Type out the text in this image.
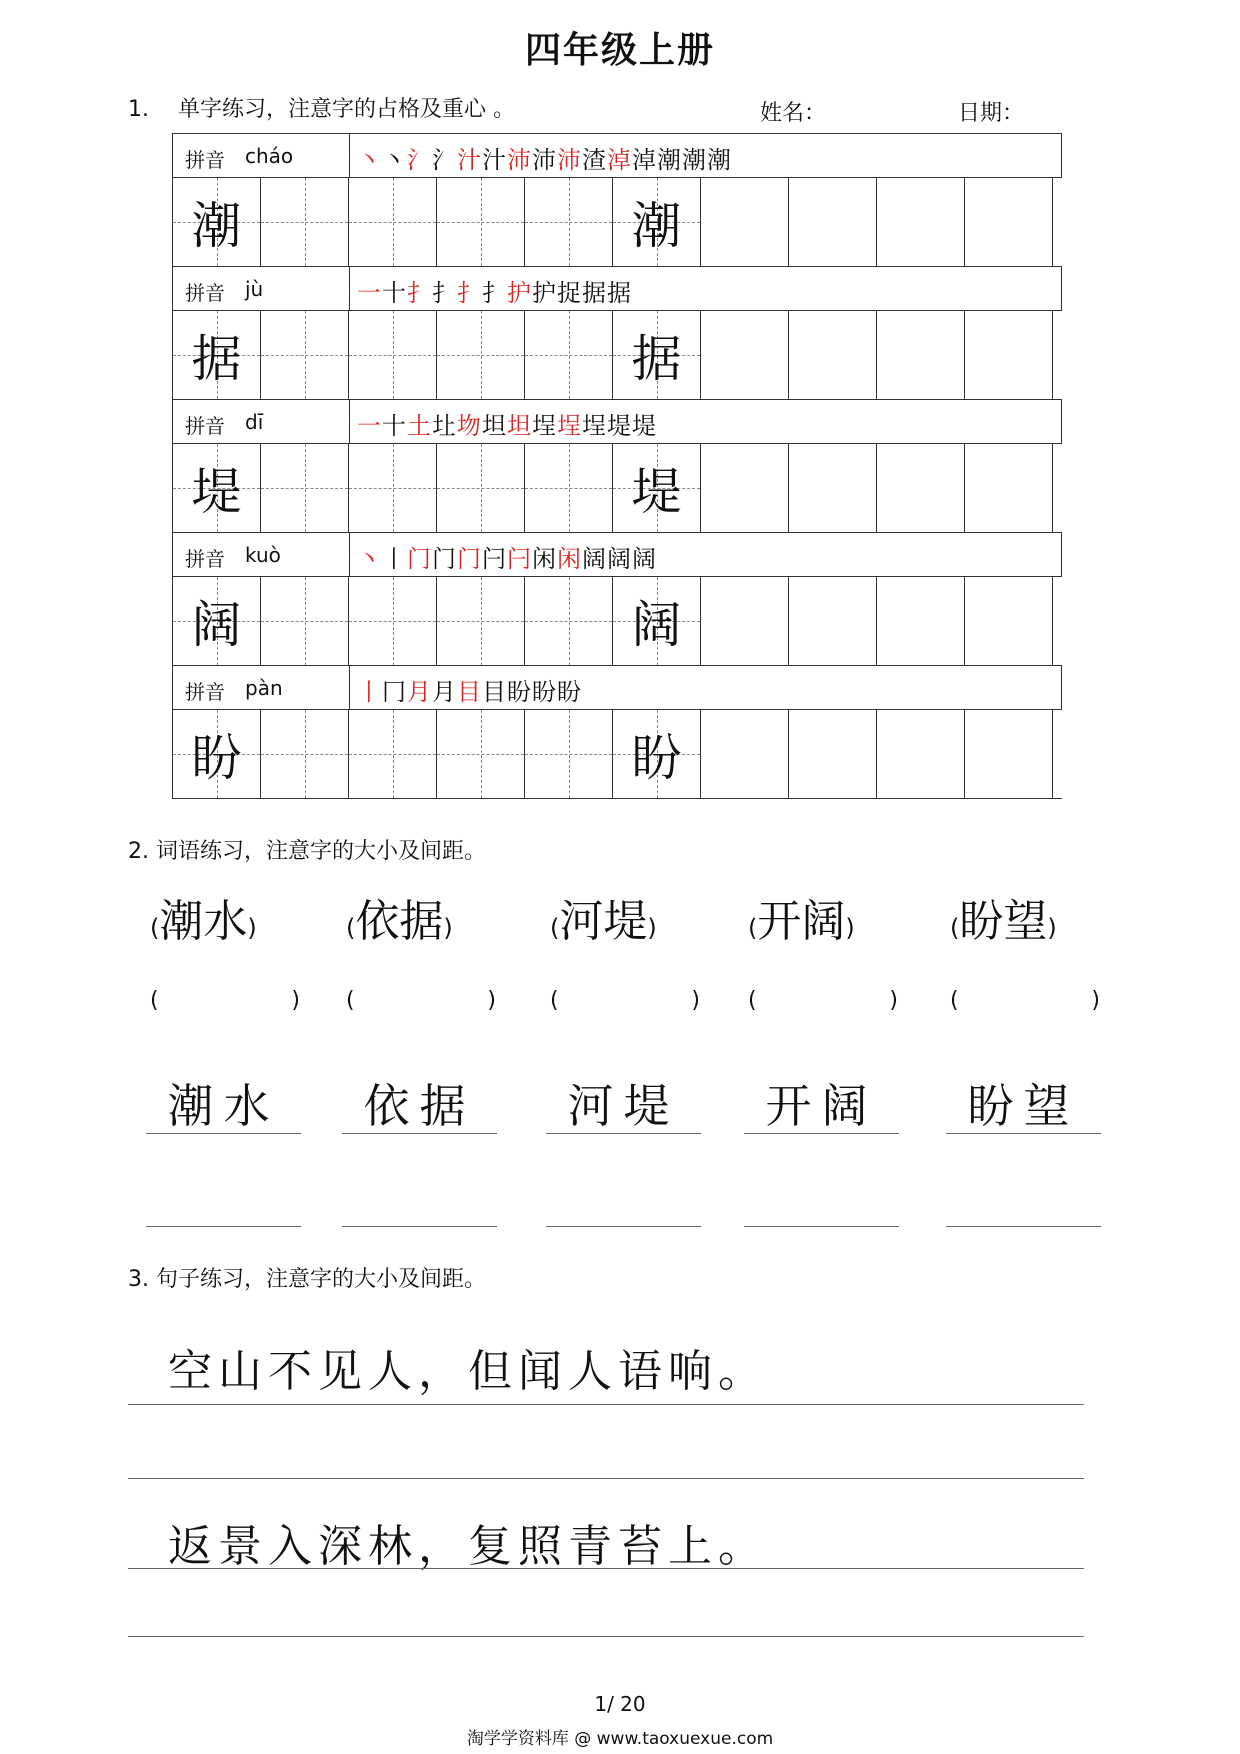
四年级上册
1. 单字练习，注意字的占格及重心 。	姓名：	日期：
拼音 cháo	丶丶氵氵汁汁沛沛沛渣淖淖潮潮潮
潮	潮
拼音 jù	一十扌扌扌扌护护捉据据
据	据
拼音 dī	一十土圵圽坦坦埕埕埕堤堤
堤	堤
拼音 kuò	丶丨门门门闩闩闲闲阔阔阔
阔	阔
拼音 pàn	丨冂月月目目盼盼盼
盼	盼
2. 词语练习，注意字的大小及间距。
(潮水)
(	)
潮水
(依据)
(	)
依据
(河堤)
(	)
河堤
(开阔)
(	)
开阔
(盼望)
(	)
盼望
3. 句子练习，注意字的大小及间距。
空山不见人，但闻人语响。
返景入深林，复照青苔上。
1/ 20
淘学学资料库 @ www.taoxuexue.com
